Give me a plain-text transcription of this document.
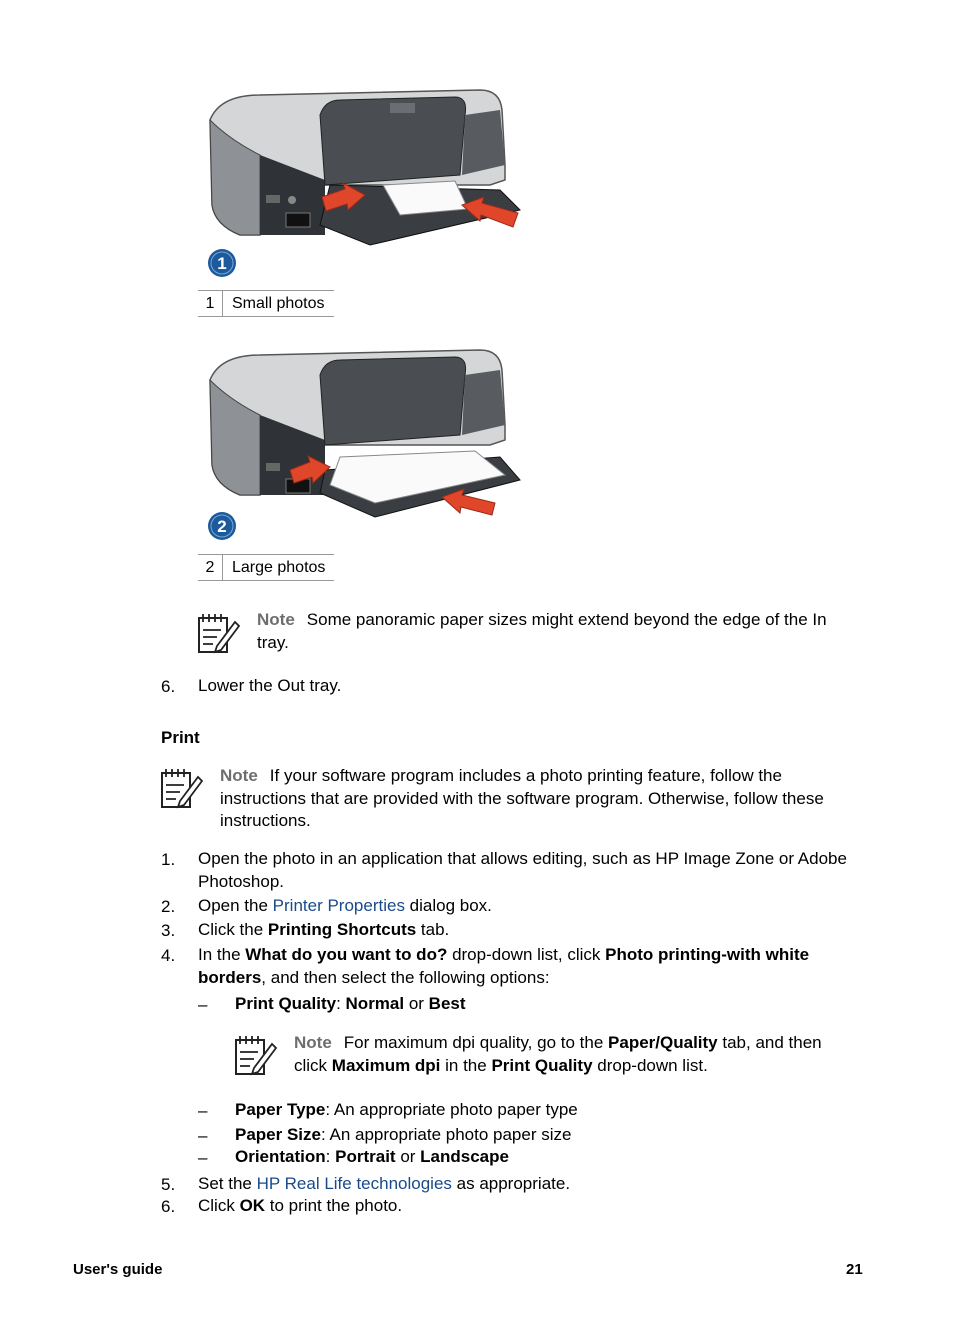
1
1	Small photos
2
2	Large photos
Note Some panoramic paper sizes might extend beyond the edge of the In tray.
6. Lower the Out tray.
Print
Note If your software program includes a photo printing feature, follow the instructions that are provided with the software program. Otherwise, follow these instructions.
1. Open the photo in an application that allows editing, such as HP Image Zone or Adobe Photoshop.
2. Open the Printer Properties dialog box.
3. Click the Printing Shortcuts tab.
4. In the What do you want to do? drop-down list, click Photo printing-with white borders, and then select the following options:
– Print Quality: Normal or Best
Note For maximum dpi quality, go to the Paper/Quality tab, and then click Maximum dpi in the Print Quality drop-down list.
– Paper Type: An appropriate photo paper type
– Paper Size: An appropriate photo paper size
– Orientation: Portrait or Landscape
5. Set the HP Real Life technologies as appropriate.
6. Click OK to print the photo.
User's guide	21
